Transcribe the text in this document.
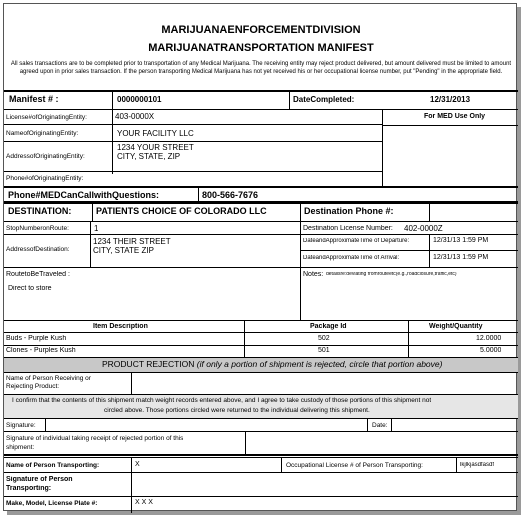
MARIJUANAENFORCEMENTDIVISION
MARIJUANATRANSPORTATION MANIFEST
All sales transactions are to be completed prior to transportation of any Medical Marijuana. The receiving entity may reject product delivered, but amount delivered must be limited to amount agreed upon in prior sales transaction. If the person transporting Medical Marijuana has not yet received his or her occupational license number, put "Pending" in the appropriate field.
Manifest # :	0000000101	DateCompleted:	12/31/2013
License#ofOriginatingEntity:	403-0000X	For MED Use Only
NameofOriginatingEntity:	YOUR FACILITY LLC
AddressofOriginatingEntity:
1234 YOUR STREET
CITY, STATE, ZIP
Phone#ofOriginatingEntity:
Phone#MEDCanCallwithQuestions:	800-566-7676
DESTINATION:	PATIENTS CHOICE OF COLORADO LLC	Destination Phone #:
StopNumberonRoute:	1	Destination License Number: 402-0000Z
AddressofDestination:
1234 THEIR STREET
CITY, STATE ZIP
DateandApproximateTime of Departure:	12/31/13 1:59 PM
DateandApproximateTime of Arrival:	12/31/13 1:59 PM
RoutetoBeTraveled :
Direct to store
Notes: detailsre:deviating fromrouteetc(e.g.,roadclosure,traffic,etc)
Item Description	Package Id	Weight/Quantity
Buds - Purple Kush	502	12.0000
Clones - Purples Kush	501	5.0000
PRODUCT REJECTION (if only a portion of shipment is rejected, circle that portion above)
Name of Person Receiving or
Rejecting Product:
I confirm that the contents of this shipment match weight records entered above, and I agree to take custody of those portions of this shipment not
circled above. Those portions circled were returned to the individual delivering this shipment.
Signature:	Date:
Signature of individual taking receipt of rejected portion of this
shipment:
Name of Person Transporting:	X	Occupational License # of Person Transporting:	lkjlkjasdfasdf
Signature of Person
Transporting:
Make, Model, License Plate #:	X X X
